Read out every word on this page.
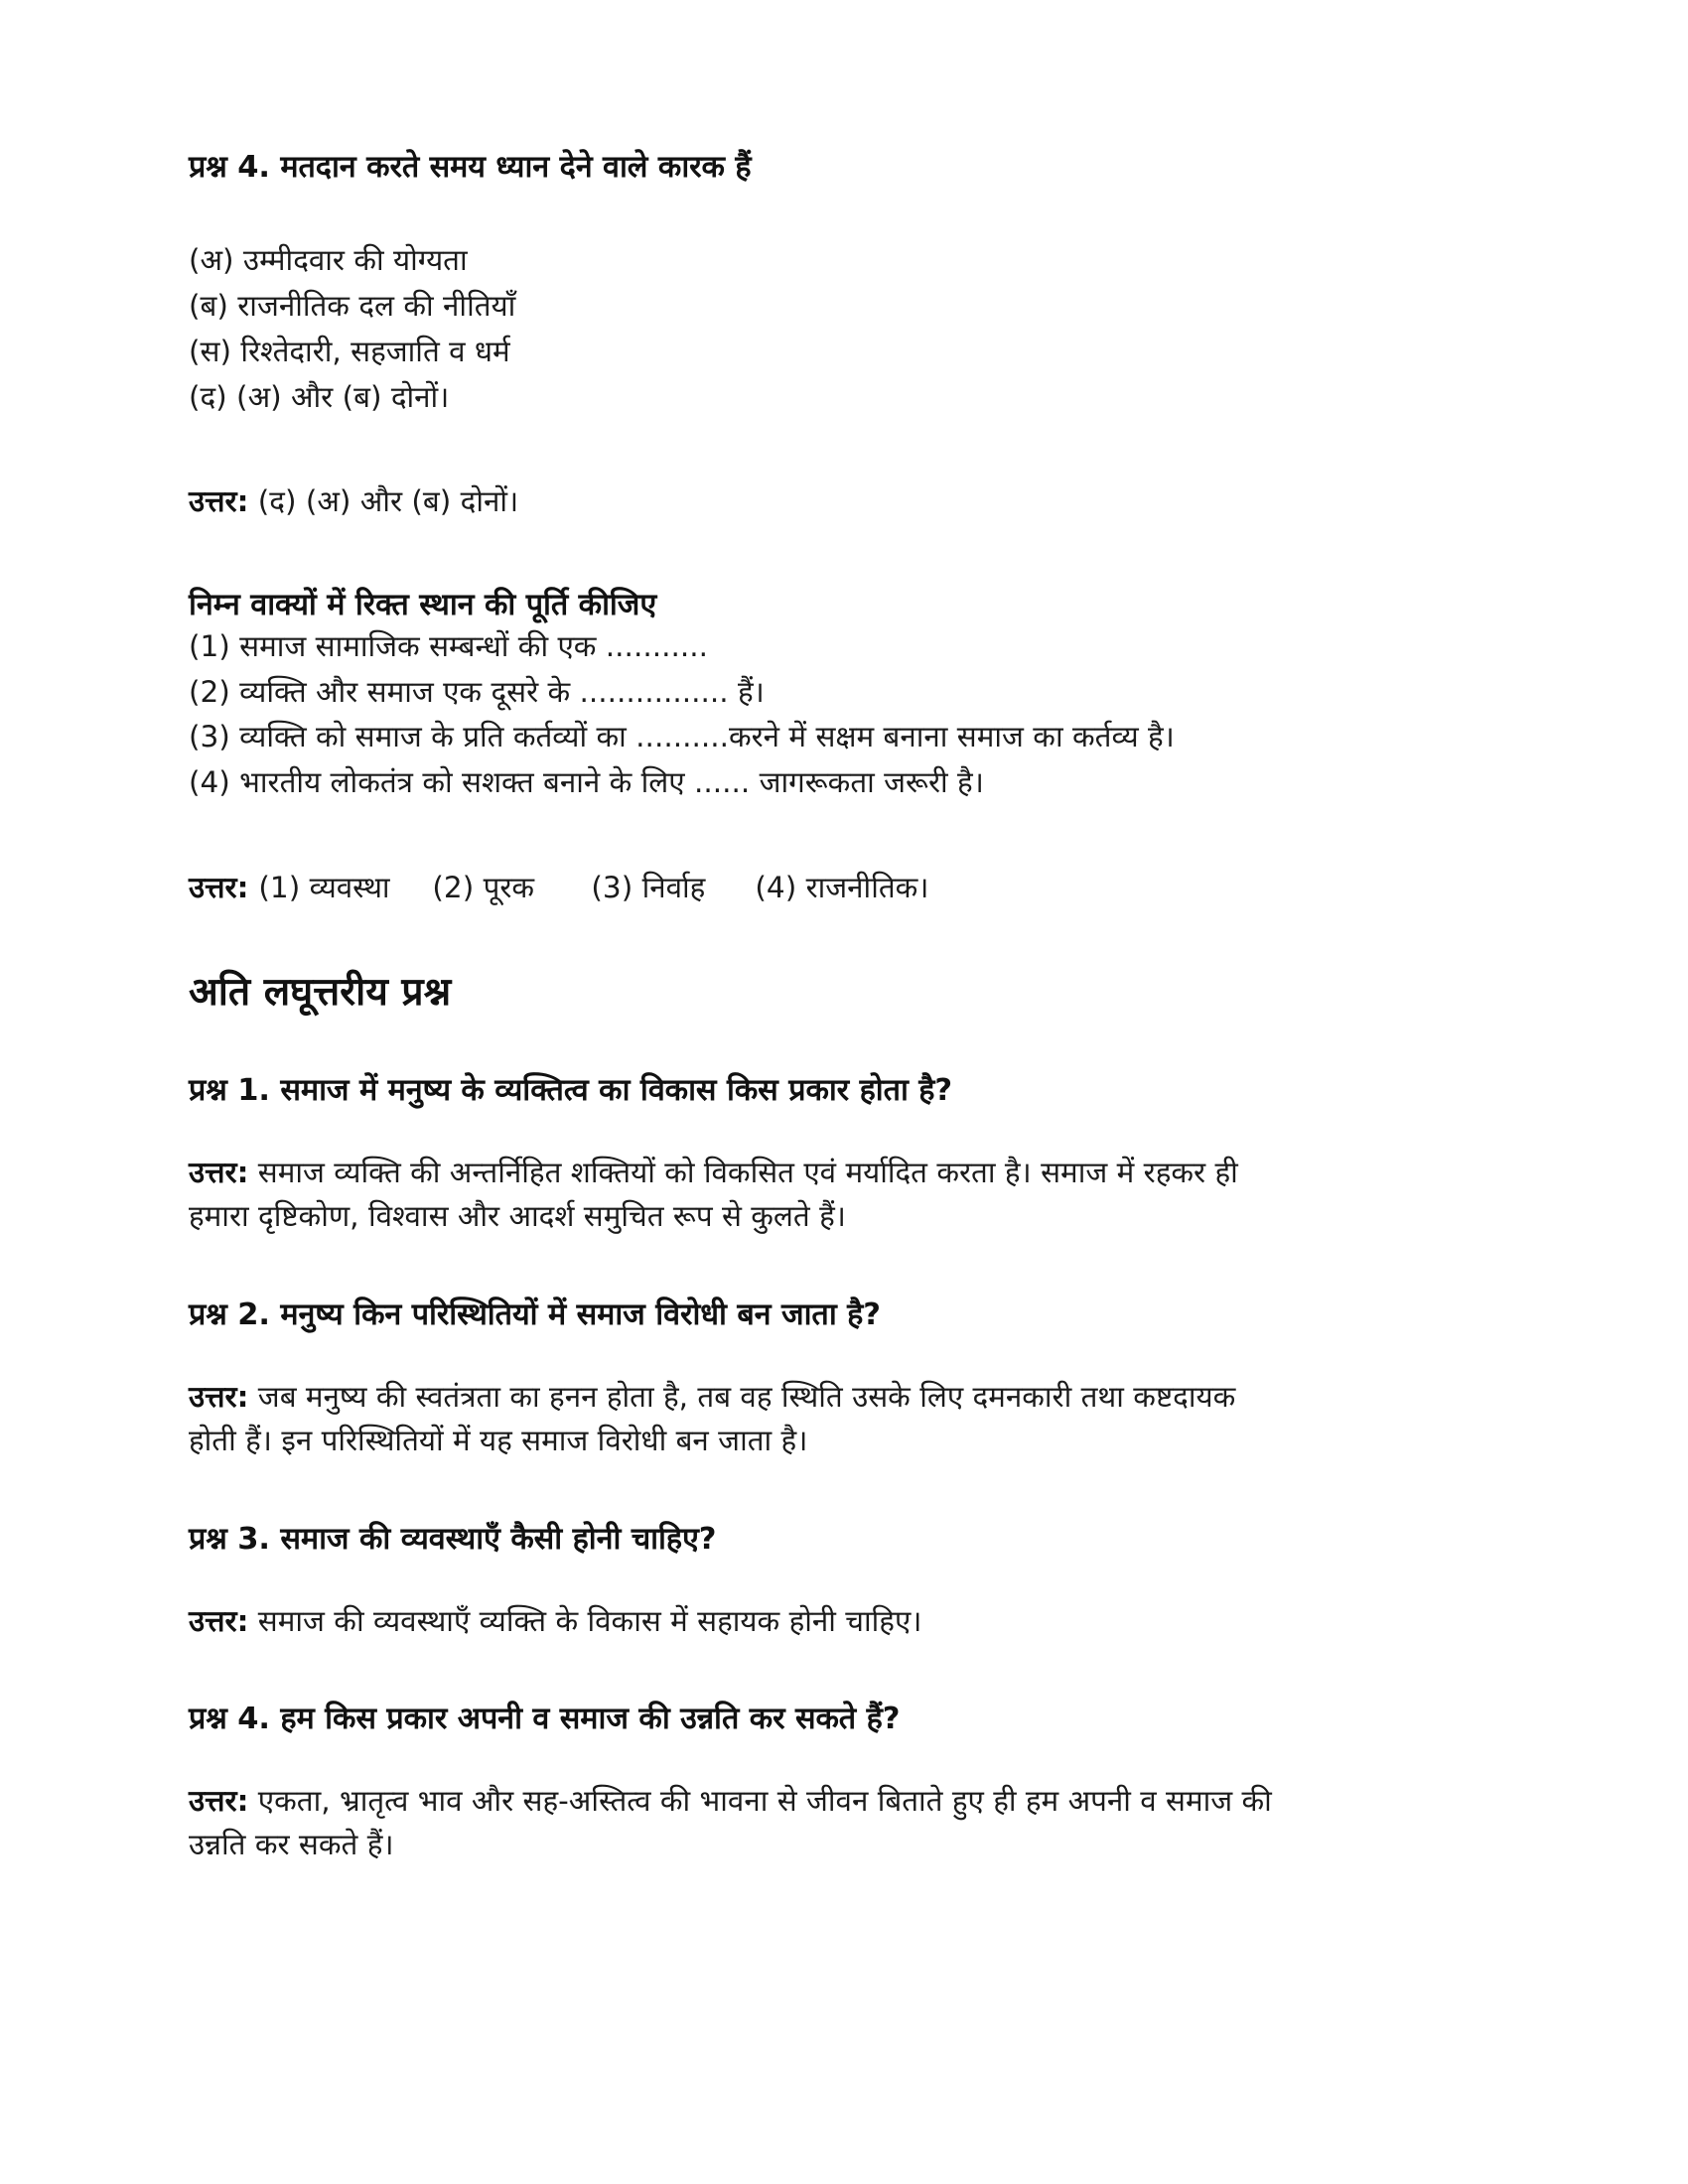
प्रश्न 4. मतदान करते समय ध्यान देने वाले कारक हैं

(अ) उम्मीदवार की योग्यता

(ब) राजनीतिक दल की नीतियाँ

(स) रिश्तेदारी, सहजाति व धर्म

(द) (अ) और (ब) दोनों।

उत्तर: (द) (अ) और (ब) दोनों।

निम्न वाक्यों में रिक्त स्थान की पूर्ति कीजिए

(1) समाज सामाजिक सम्बन्धों की एक ...........

(2) व्यक्ति और समाज एक दूसरे के ................ हैं।

(3) व्यक्ति को समाज के प्रति कर्तव्यों का ..........करने में सक्षम बनाना समाज का कर्तव्य है।

(4) भारतीय लोकतंत्र को सशक्त बनाने के लिए ...... जागरूकता जरूरी है।

उत्तर: (1) व्यवस्था	(2) पूरक	(3) निर्वाह	(4) राजनीतिक।
अति लघूत्तरीय प्रश्न
प्रश्न 1. समाज में मनुष्य के व्यक्तित्व का विकास किस प्रकार होता है?

उत्तर: समाज व्यक्ति की अन्तर्निहित शक्तियों को विकसित एवं मर्यादित करता है। समाज में रहकर ही

हमारा दृष्टिकोण, विश्वास और आदर्श समुचित रूप से कुलते हैं।

प्रश्न 2. मनुष्य किन परिस्थितियों में समाज विरोधी बन जाता है?

उत्तर: जब मनुष्य की स्वतंत्रता का हनन होता है, तब वह स्थिति उसके लिए दमनकारी तथा कष्टदायक

होती हैं। इन परिस्थितियों में यह समाज विरोधी बन जाता है।

प्रश्न 3. समाज की व्यवस्थाएँ कैसी होनी चाहिए?

उत्तर: समाज की व्यवस्थाएँ व्यक्ति के विकास में सहायक होनी चाहिए।

प्रश्न 4. हम किस प्रकार अपनी व समाज की उन्नति कर सकते हैं?

उत्तर: एकता, भ्रातृत्व भाव और सह-अस्तित्व की भावना से जीवन बिताते हुए ही हम अपनी व समाज की

उन्नति कर सकते हैं।
